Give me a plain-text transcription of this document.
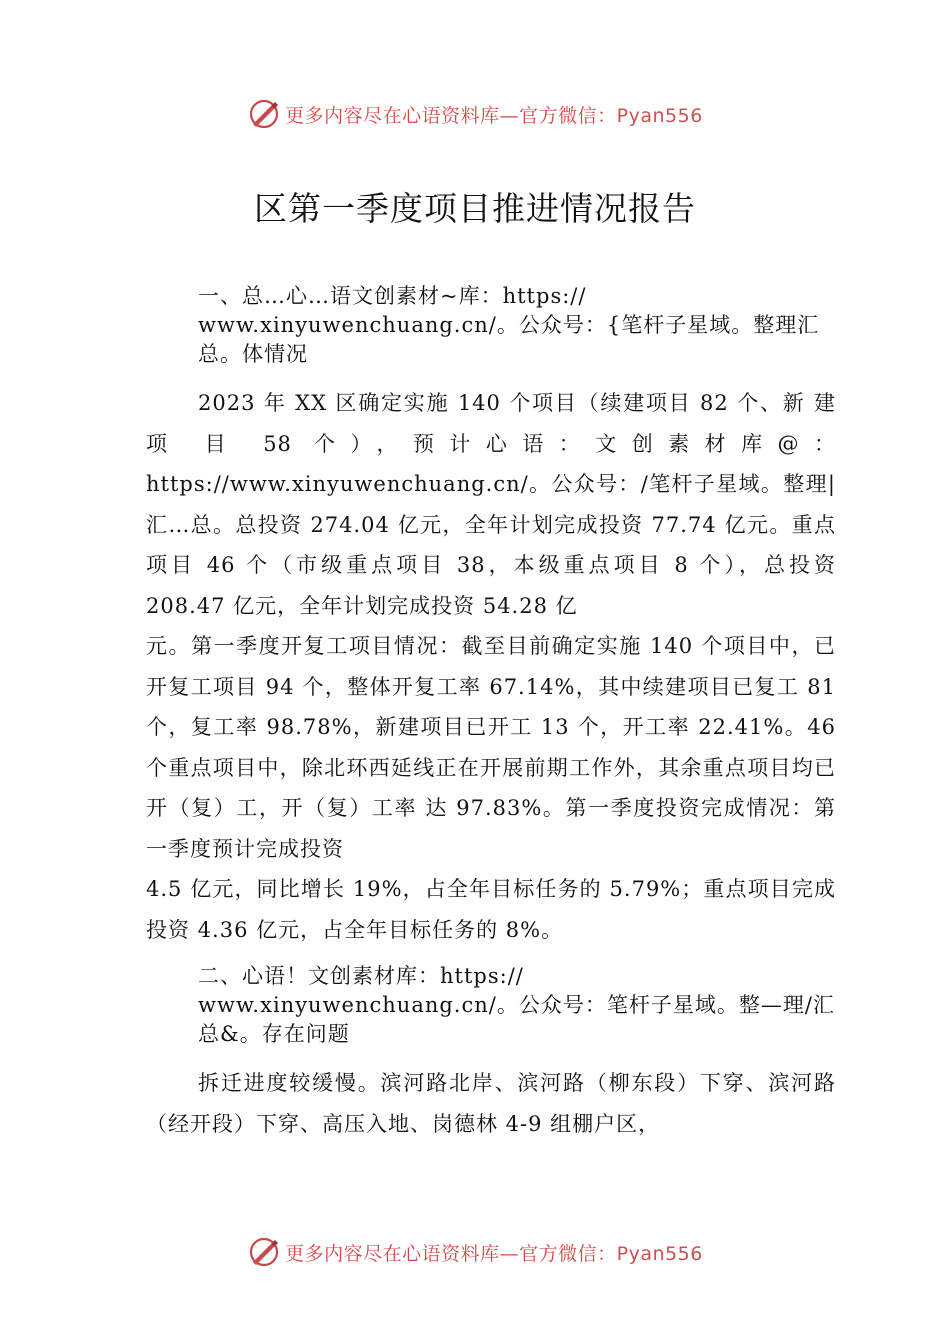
更多内容尽在心语资料库—官方微信：Pyan556
区第一季度项目推进情况报告

一、总…心…语文创素材~库：https:// www.xinyuwenchuang.cn/。公众号：{笔杆子星域。整理汇总。体情况

2023 年 XX 区确定实施 140 个项目（续建项目 82 个、新 建 项 目 58 个），预计心语：文创素材库@：https://www.xinyuwenchuang.cn/。公众号：/笔杆子星域。整理|汇…总。总投资 274.04 亿元，全年计划完成投资 77.74 亿元。重点项目 46 个（市级重点项目 38，本级重点项目 8 个），总投资 208.47 亿元，全年计划完成投资 54.28 亿

元。第一季度开复工项目情况：截至目前确定实施 140 个项目中，已开复工项目 94 个，整体开复工率 67.14%，其中续建项目已复工 81 个，复工率 98.78%，新建项目已开工 13 个，开工率 22.41%。46 个重点项目中，除北环西延线正在开展前期工作外，其余重点项目均已开（复）工，开（复）工率 达 97.83%。第一季度投资完成情况：第一季度预计完成投资

4.5 亿元，同比增长 19%，占全年目标任务的 5.79%；重点项目完成投资 4.36 亿元，占全年目标任务的 8%。

二、心语！文创素材库：https:// www.xinyuwenchuang.cn/。公众号：笔杆子星域。整—理/汇总&。存在问题

拆迁进度较缓慢。滨河路北岸、滨河路（柳东段）下穿、滨河路（经开段）下穿、高压入地、岗德林 4-9 组棚户区，

更多内容尽在心语资料库—官方微信：Pyan556
